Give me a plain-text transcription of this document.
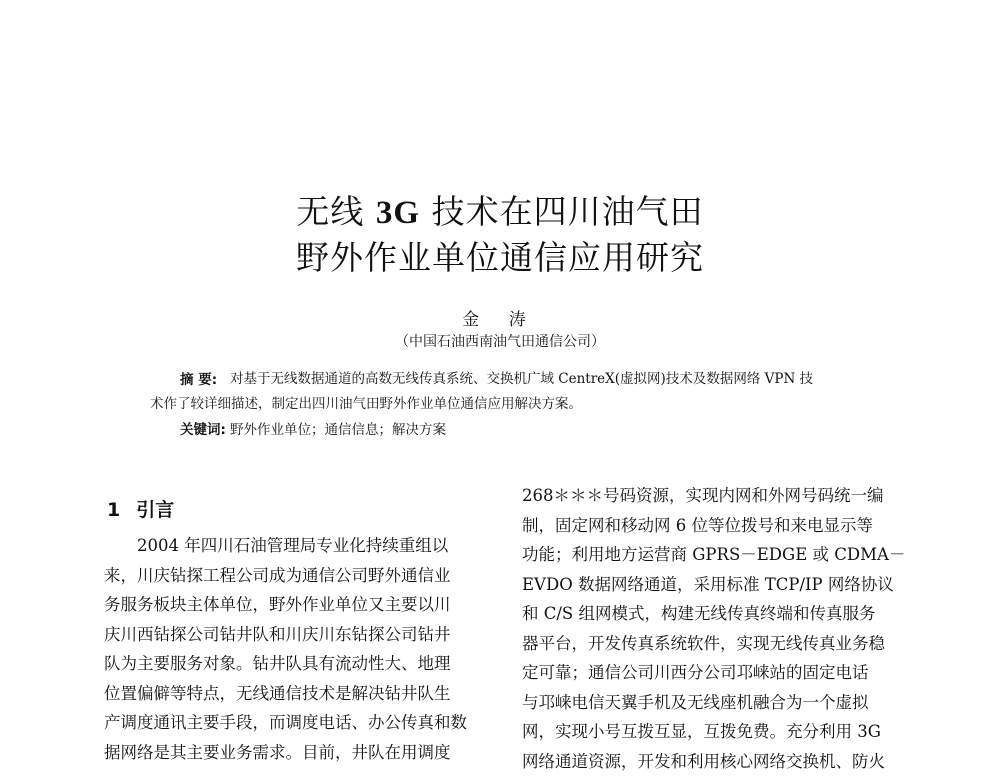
无线 3G 技术在四川油气田
野外作业单位通信应用研究
金 涛
（中国石油西南油气田通信公司）
摘 要: 对基于无线数据通道的高数无线传真系统、交换机广域 CentreX(虚拟网)技术及数据网络 VPN 技
术作了较详细描述，制定出四川油气田野外作业单位通信应用解决方案。
关键词: 野外作业单位；通信信息；解决方案
1 引言
　　2004 年四川石油管理局专业化持续重组以
来，川庆钻探工程公司成为通信公司野外通信业
务服务板块主体单位，野外作业单位又主要以川
庆川西钻探公司钻井队和川庆川东钻探公司钻井
队为主要服务对象。钻井队具有流动性大、地理
位置偏僻等特点，无线通信技术是解决钻井队生
产调度通讯主要手段，而调度电话、办公传真和数
据网络是其主要业务需求。目前，井队在用调度
268＊＊＊号码资源，实现内网和外网号码统一编
制，固定网和移动网 6 位等位拨号和来电显示等
功能；利用地方运营商 GPRS－EDGE 或 CDMA－
EVDO 数据网络通道，采用标准 TCP/IP 网络协议
和 C/S 组网模式，构建无线传真终端和传真服务
器平台，开发传真系统软件，实现无线传真业务稳
定可靠；通信公司川西分公司邛崃站的固定电话
与邛崃电信天翼手机及无线座机融合为一个虚拟
网，实现小号互拨互显，互拨免费。充分利用 3G
网络通道资源，开发和利用核心网络交换机、防火
